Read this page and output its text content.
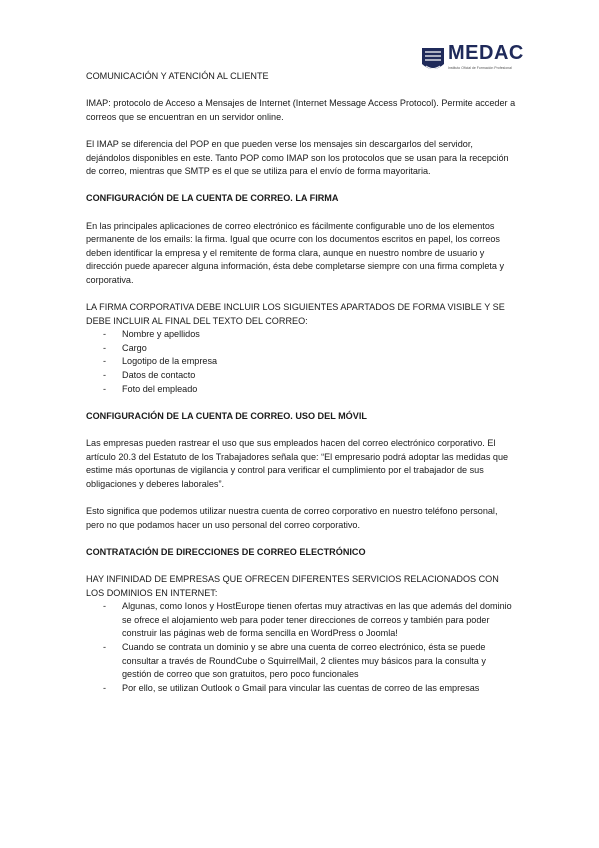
MEDAC
Instituto Oficial de Formación Profesional

COMUNICACIÓN Y ATENCIÓN AL CLIENTE

IMAP: protocolo de Acceso a Mensajes de Internet (Internet Message Access Protocol). Permite acceder a correos que se encuentran en un servidor online.

El IMAP se diferencia del POP en que pueden verse los mensajes sin descargarlos del servidor, dejándolos disponibles en este. Tanto POP como IMAP son los protocolos que se usan para la recepción de correo, mientras que SMTP es el que se utiliza para el envío de forma mayoritaria.

CONFIGURACIÓN DE LA CUENTA DE CORREO. LA FIRMA

En las principales aplicaciones de correo electrónico es fácilmente configurable uno de los elementos permanente de los emails: la firma. Igual que ocurre con los documentos escritos en papel, los correos deben identificar la empresa y el remitente de forma clara, aunque en nuestro nombre de usuario y dirección puede aparecer alguna información, ésta debe completarse siempre con una firma completa y corporativa.

LA FIRMA CORPORATIVA DEBE INCLUIR LOS SIGUIENTES APARTADOS DE FORMA VISIBLE Y SE DEBE INCLUIR AL FINAL DEL TEXTO DEL CORREO:

- Nombre y apellidos
- Cargo
- Logotipo de la empresa
- Datos de contacto
- Foto del empleado

CONFIGURACIÓN DE LA CUENTA DE CORREO. USO DEL MÓVIL

Las empresas pueden rastrear el uso que sus empleados hacen del correo electrónico corporativo. El artículo 20.3 del Estatuto de los Trabajadores señala que: “El empresario podrá adoptar las medidas que estime más oportunas de vigilancia y control para verificar el cumplimiento por el trabajador de sus obligaciones y deberes laborales”.

Esto significa que podemos utilizar nuestra cuenta de correo corporativo en nuestro teléfono personal, pero no que podamos hacer un uso personal del correo corporativo.

CONTRATACIÓN DE DIRECCIONES DE CORREO ELECTRÓNICO

HAY INFINIDAD DE EMPRESAS QUE OFRECEN DIFERENTES SERVICIOS RELACIONADOS CON LOS DOMINIOS EN INTERNET:

- Algunas, como Ionos y HostEurope tienen ofertas muy atractivas en las que además del dominio se ofrece el alojamiento web para poder tener direcciones de correos y también para poder construir las páginas web de forma sencilla en WordPress o Joomla!
- Cuando se contrata un dominio y se abre una cuenta de correo electrónico, ésta se puede consultar a través de RoundCube o SquirrelMail, 2 clientes muy básicos para la consulta y gestión de correo que son gratuitos, pero poco funcionales
- Por ello, se utilizan Outlook o Gmail para vincular las cuentas de correo de las empresas
